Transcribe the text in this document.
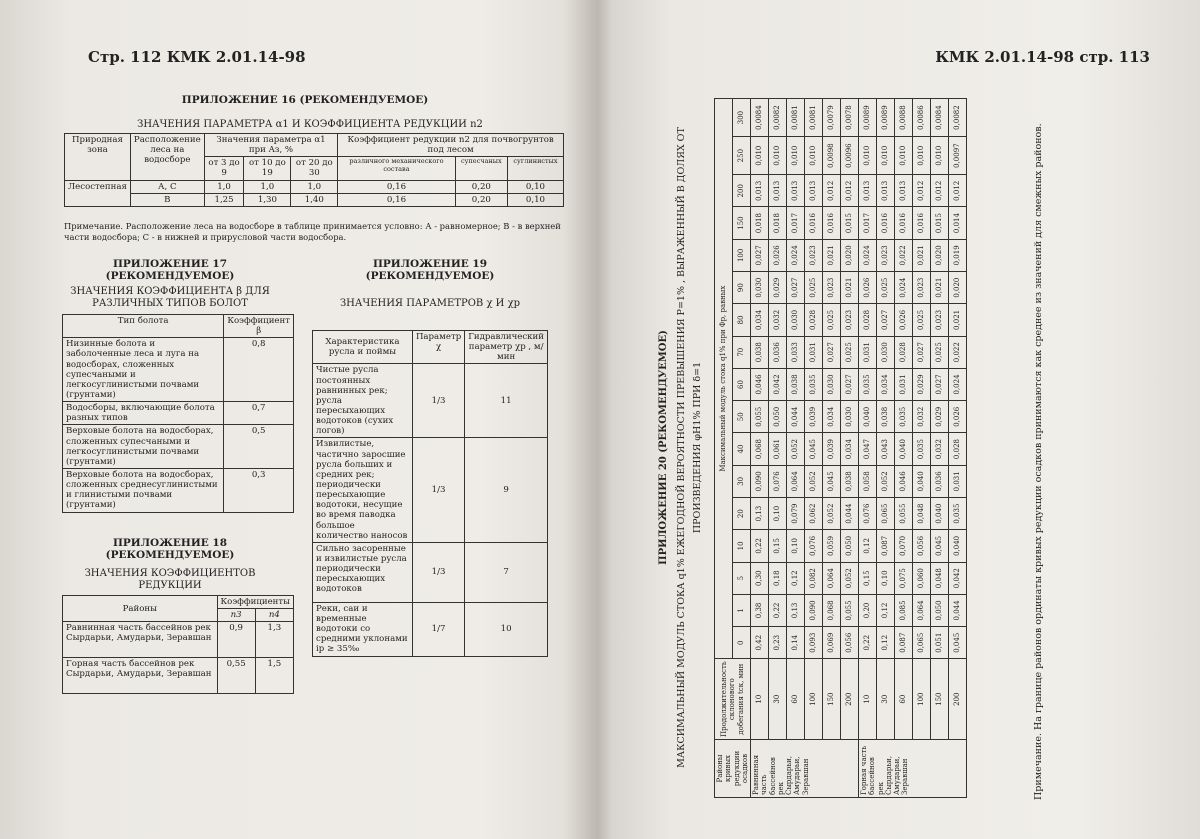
Стр. 112 КМК 2.01.14-98
ПРИЛОЖЕНИЕ 16 (РЕКОМЕНДУЕМОЕ)
ЗНАЧЕНИЯ ПАРАМЕТРА α1 И КОЭФФИЦИЕНТА РЕДУКЦИИ n2
Природная зона	Расположение леса на водосборе	Значения параметра α1 при Aз, %			Коэффициент редукции n2 для почвогрунтов под лесом		
		от 3 до 9	от 10 до 19	от 20 до 30	различного механического состава	супесчаных	суглинистых
Лесостепная	А, С	1,0	1,0	1,0	0,16	0,20	0,10
	В	1,25	1,30	1,40	0,16	0,20	0,10
Примечание. Расположение леса на водосборе в таблице принимается условно: А - равномерное; В - в верхней части водосбора; С - в нижней и прирусловой части водосбора.
ПРИЛОЖЕНИЕ 17
(РЕКОМЕНДУЕМОЕ)
ЗНАЧЕНИЯ КОЭФФИЦИЕНТА β ДЛЯ
РАЗЛИЧНЫХ ТИПОВ БОЛОТ
Тип болота	Коэффициент β
Низинные болота и заболоченные леса и луга на водосборах, сложенных супесчаными и легкосуглинистыми почвами (грунтами)	0,8
Водосборы, включающие болота разных типов	0,7
Верховые болота на водосборах, сложенных супесчаными и легкосуглинистыми почвами (грунтами)	0,5
Верховые болота на водосборах, сложенных среднесуглинистыми и глинистыми почвами (грунтами)	0,3
ПРИЛОЖЕНИЕ 18
(РЕКОМЕНДУЕМОЕ)
ЗНАЧЕНИЯ КОЭФФИЦИЕНТОВ
РЕДУКЦИИ
Районы	Коэффициенты	
	n3	n4
Равнинная часть бассейнов рек Сырдарьи, Амударьи, Зеравшан	0,9	1,3
Горная часть бассейнов рек Сырдарьи, Амударьи, Зеравшан	0,55	1,5
ПРИЛОЖЕНИЕ 19
(РЕКОМЕНДУЕМОЕ)
ЗНАЧЕНИЯ ПАРАМЕТРОВ χ И χр
Характеристика русла и поймы	Параметр χ	Гидравлический параметр χр , м/мин
Чистые русла постоянных равнинных рек; русла пересыхающих водотоков (сухих логов)	1/3	11
Извилистые, частично заросшие русла больших и средних рек; периодически пересыхающие водотоки, несущие во время паводка большое количество наносов	1/3	9
Сильно засоренные и извилистые русла периодически пересыхающих водотоков	1/3	7
Реки, саи и временные водотоки со средними уклонами ip ≥ 35‰	1/7	10
КМК 2.01.14-98 стр. 113
ПРИЛОЖЕНИЕ 20 (РЕКОМЕНДУЕМОЕ) МАКСИМАЛЬНЫЙ МОДУЛЬ СТОКА q1% ЕЖЕГОДНОЙ ВЕРОЯТНОСТИ ПРЕВЫШЕНИЯ P=1% , ВЫРАЖЕННЫЙ В ДОЛЯХ ОТ ПРОИЗВЕДЕНИЯ φH1% ПРИ δ=1
Районы кривых редукции осадков	Продолжительность склонового добегания tск, мин	Максимальный модуль стока q1% при Φр, равных																
		0	1	5	10	20	30	40	50	60	70	80	90	100	150	200	250	300
Равнинная часть бассейнов рек Сырдарьи, Амударьи, Зеравшан	10	0,42	0,38	0,30	0,22	0,13	0,090	0,068	0,055	0,046	0,038	0,034	0,030	0,027	0,018	0,013	0,010	0,0084
	30	0,23	0,22	0,18	0,15	0,10	0,076	0,061	0,050	0,042	0,036	0,032	0,029	0,026	0,018	0,013	0,010	0,0082
	60	0,14	0,13	0,12	0,10	0,079	0,064	0,052	0,044	0,038	0,033	0,030	0,027	0,024	0,017	0,013	0,010	0,0081
	100	0,093	0,090	0,082	0,076	0,062	0,052	0,045	0,039	0,035	0,031	0,028	0,025	0,023	0,016	0,013	0,010	0,0081
	150	0,069	0,068	0,064	0,059	0,052	0,045	0,039	0,034	0,030	0,027	0,025	0,023	0,021	0,016	0,012	0,0098	0,0079
	200	0,056	0,055	0,052	0,050	0,044	0,038	0,034	0,030	0,027	0,025	0,023	0,021	0,020	0,015	0,012	0,0096	0,0078
Горная часть бассейнов рек Сырдарьи, Амударьи, Зеравшан	10	0,22	0,20	0,15	0,12	0,076	0,058	0,047	0,040	0,035	0,031	0,028	0,026	0,024	0,017	0,013	0,010	0,0089
	30	0,12	0,12	0,10	0,087	0,065	0,052	0,043	0,038	0,034	0,030	0,027	0,025	0,023	0,016	0,013	0,010	0,0089
	60	0,087	0,085	0,075	0,070	0,055	0,046	0,040	0,035	0,031	0,028	0,026	0,024	0,022	0,016	0,013	0,010	0,0088
	100	0,065	0,064	0,060	0,056	0,048	0,040	0,035	0,032	0,029	0,027	0,025	0,023	0,021	0,016	0,012	0,010	0,0086
	150	0,051	0,050	0,048	0,045	0,040	0,036	0,032	0,029	0,027	0,025	0,023	0,021	0,020	0,015	0,012	0,010	0,0084
	200	0,045	0,044	0,042	0,040	0,035	0,031	0,028	0,026	0,024	0,022	0,021	0,020	0,019	0,014	0,012	0,0097	0,0082
Примечание. На границе районов ординаты кривых редукции осадков принимаются как среднее из значений для смежных районов.
